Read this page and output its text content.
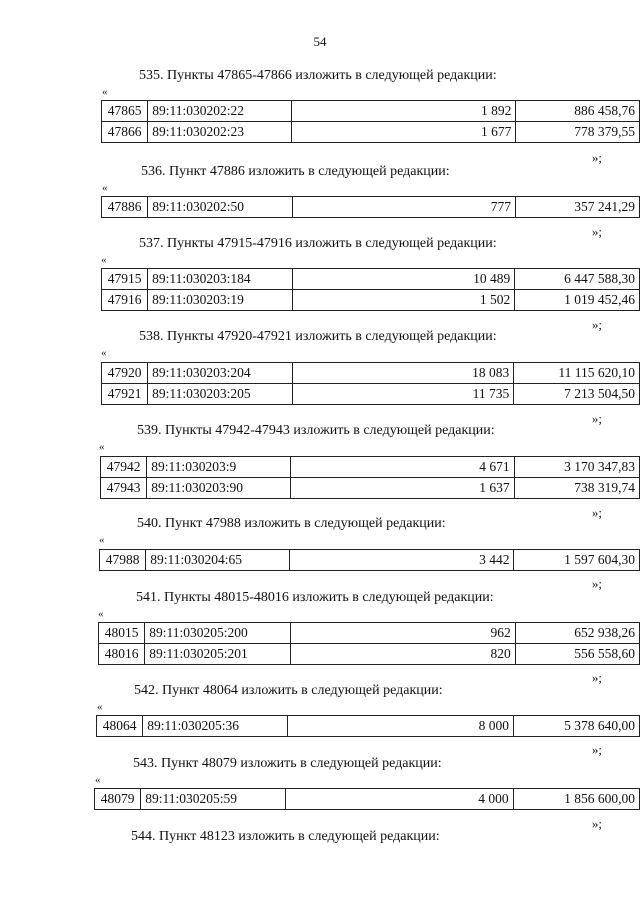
54
535. Пункты 47865-47866 изложить в следующей редакции:
«
47865	89:11:030202:22		1 892	886 458,76
47866	89:11:030202:23		1 677	778 379,55
»;
536. Пункт 47886 изложить в следующей редакции:
«
47886	89:11:030202:50		777	357 241,29
»;
537. Пункты 47915-47916 изложить в следующей редакции:
«
47915	89:11:030203:184		10 489	6 447 588,30
47916	89:11:030203:19		1 502	1 019 452,46
»;
538. Пункты 47920-47921 изложить в следующей редакции:
«
47920	89:11:030203:204		18 083	11 115 620,10
47921	89:11:030203:205		11 735	7 213 504,50
»;
539. Пункты 47942-47943 изложить в следующей редакции:
«
47942	89:11:030203:9		4 671	3 170 347,83
47943	89:11:030203:90		1 637	738 319,74
»;
540. Пункт 47988 изложить в следующей редакции:
«
47988	89:11:030204:65		3 442	1 597 604,30
»;
541. Пункты 48015-48016 изложить в следующей редакции:
«
48015	89:11:030205:200		962	652 938,26
48016	89:11:030205:201		820	556 558,60
»;
542. Пункт 48064 изложить в следующей редакции:
«
48064	89:11:030205:36		8 000	5 378 640,00
»;
543. Пункт 48079 изложить в следующей редакции:
«
48079	89:11:030205:59		4 000	1 856 600,00
»;
544. Пункт 48123 изложить в следующей редакции:
